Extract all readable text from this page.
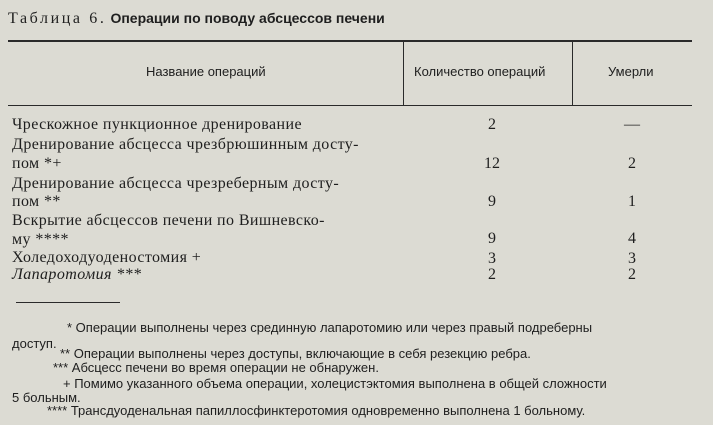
Таблица 6. Операции по поводу абсцессов печени
Название операций	Количество операций	Умерли
Чрескожное пункционное дренирование	2	—
Дренирование абсцесса чрезбрюшинным досту-
пом *+	12	2
Дренирование абсцесса чрезреберным досту-
пом **	9	1
Вскрытие абсцессов печени по Вишневско-
му ****	9	4
Холедоходуоденостомия +	3	3
Лапаротомия ***	2	2
* Операции выполнены через срединную лапаротомию или через правый подреберны
доступ.
** Операции выполнены через доступы, включающие в себя резекцию ребра.
*** Абсцесс печени во время операции не обнаружен.
+ Помимо указанного объема операции, холецистэктомия выполнена в общей сложности
5 больным.
**** Трансдуоденальная папиллосфинктеротомия одновременно выполнена 1 больному.
